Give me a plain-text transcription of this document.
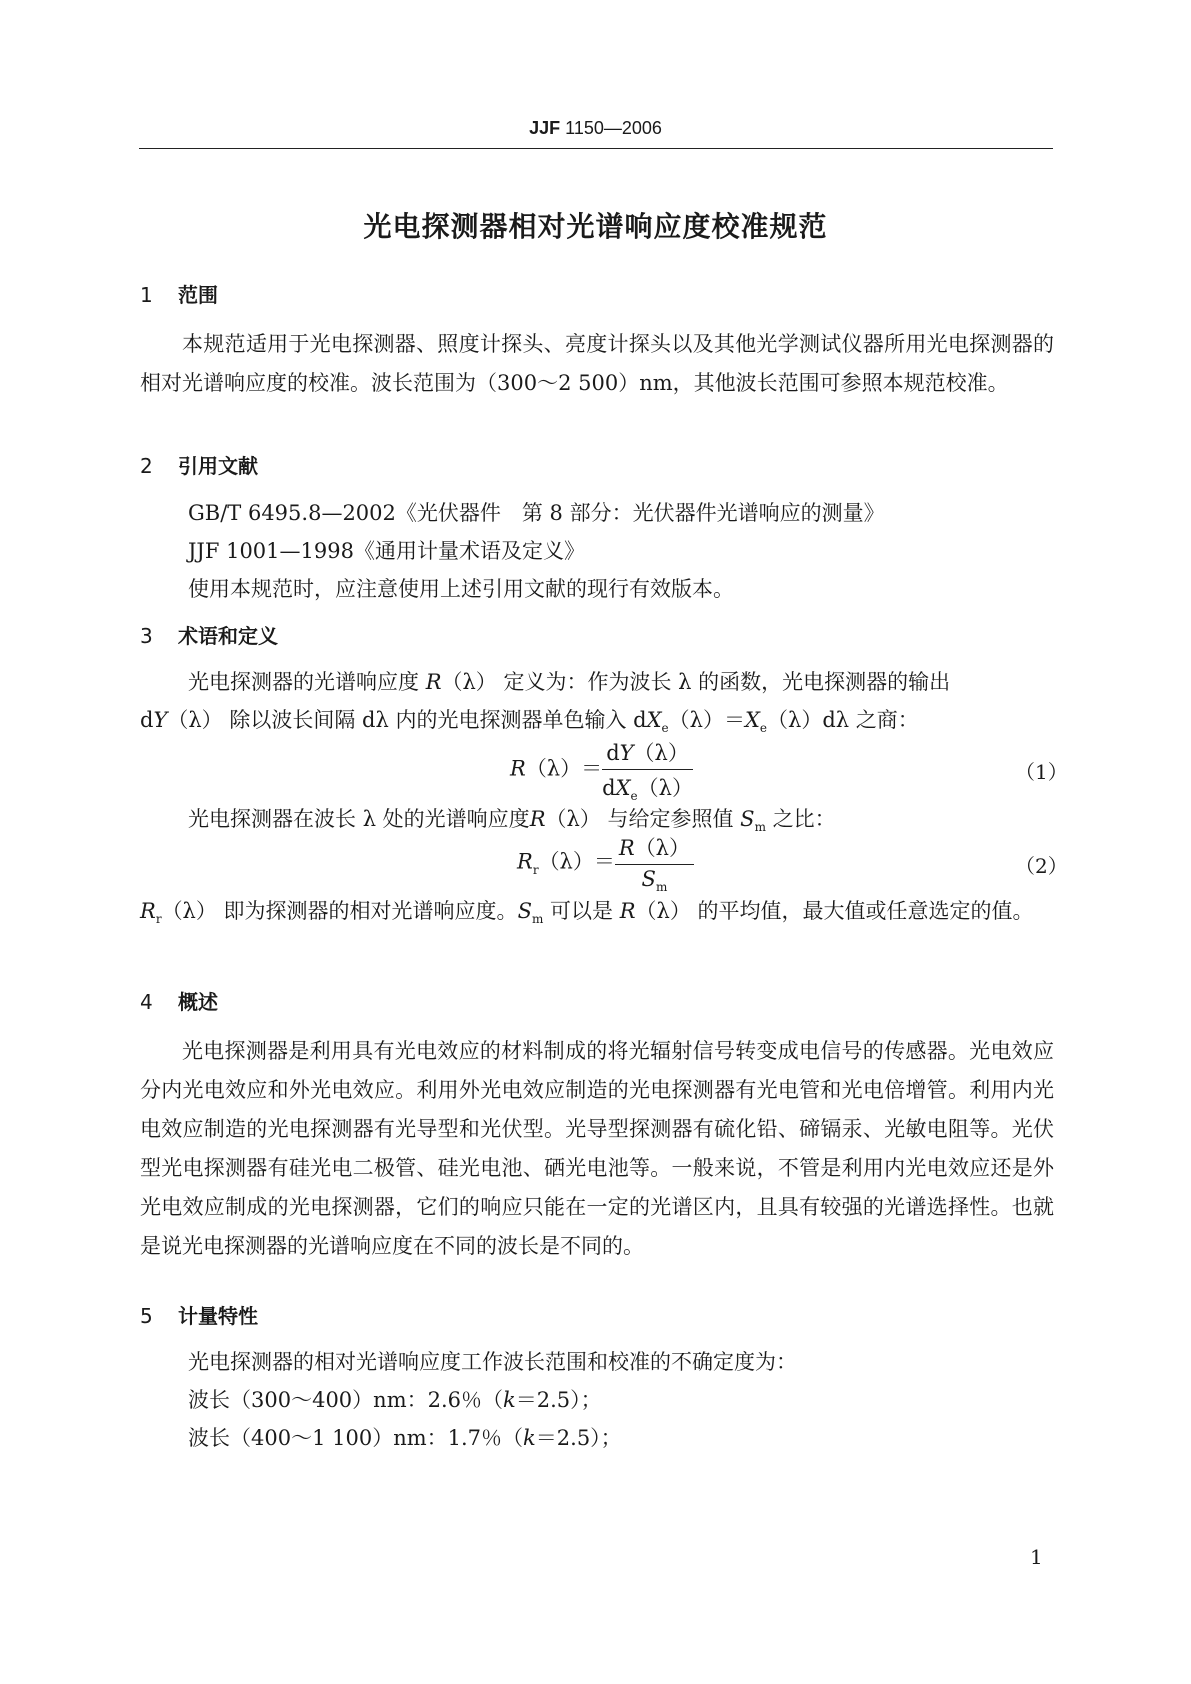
JJF 1150—2006
光电探测器相对光谱响应度校准规范
1 范围
本规范适用于光电探测器、照度计探头、亮度计探头以及其他光学测试仪器所用光电探测器的相对光谱响应度的校准。波长范围为（300～2 500）nm，其他波长范围可参照本规范校准。
2 引用文献
GB/T 6495.8—2002《光伏器件　第 8 部分：光伏器件光谱响应的测量》
JJF 1001—1998《通用计量术语及定义》
使用本规范时，应注意使用上述引用文献的现行有效版本。
3 术语和定义
光电探测器的光谱响应度 R（λ） 定义为：作为波长 λ 的函数，光电探测器的输出
dY（λ） 除以波长间隔 dλ 内的光电探测器单色输入 $dX_e(\lambda)=X_e(\lambda)d\lambda$ 之商：
$R(\lambda)= \frac{dY(\lambda)}{dX_e(\lambda)}$	（1）
光电探测器在波长 λ 处的光谱响应度R（λ） 与给定参照值 $S_m$ 之比：
$R_r(\lambda)= \frac{R(\lambda)}{S_m}$	（2）
$R_r(\lambda)$ 即为探测器的相对光谱响应度。$S_m$ 可以是 R（λ） 的平均值，最大值或任意选定的值。
4 概述
光电探测器是利用具有光电效应的材料制成的将光辐射信号转变成电信号的传感器。光电效应分内光电效应和外光电效应。利用外光电效应制造的光电探测器有光电管和光电倍增管。利用内光电效应制造的光电探测器有光导型和光伏型。光导型探测器有硫化铅、碲镉汞、光敏电阻等。光伏型光电探测器有硅光电二极管、硅光电池、硒光电池等。一般来说，不管是利用内光电效应还是外光电效应制成的光电探测器，它们的响应只能在一定的光谱区内，且具有较强的光谱选择性。也就是说光电探测器的光谱响应度在不同的波长是不同的。
5 计量特性
光电探测器的相对光谱响应度工作波长范围和校准的不确定度为：
波长（300～400）nm：2.6％（k＝2.5）；
波长（400～1 100）nm：1.7％（k＝2.5）；
1
